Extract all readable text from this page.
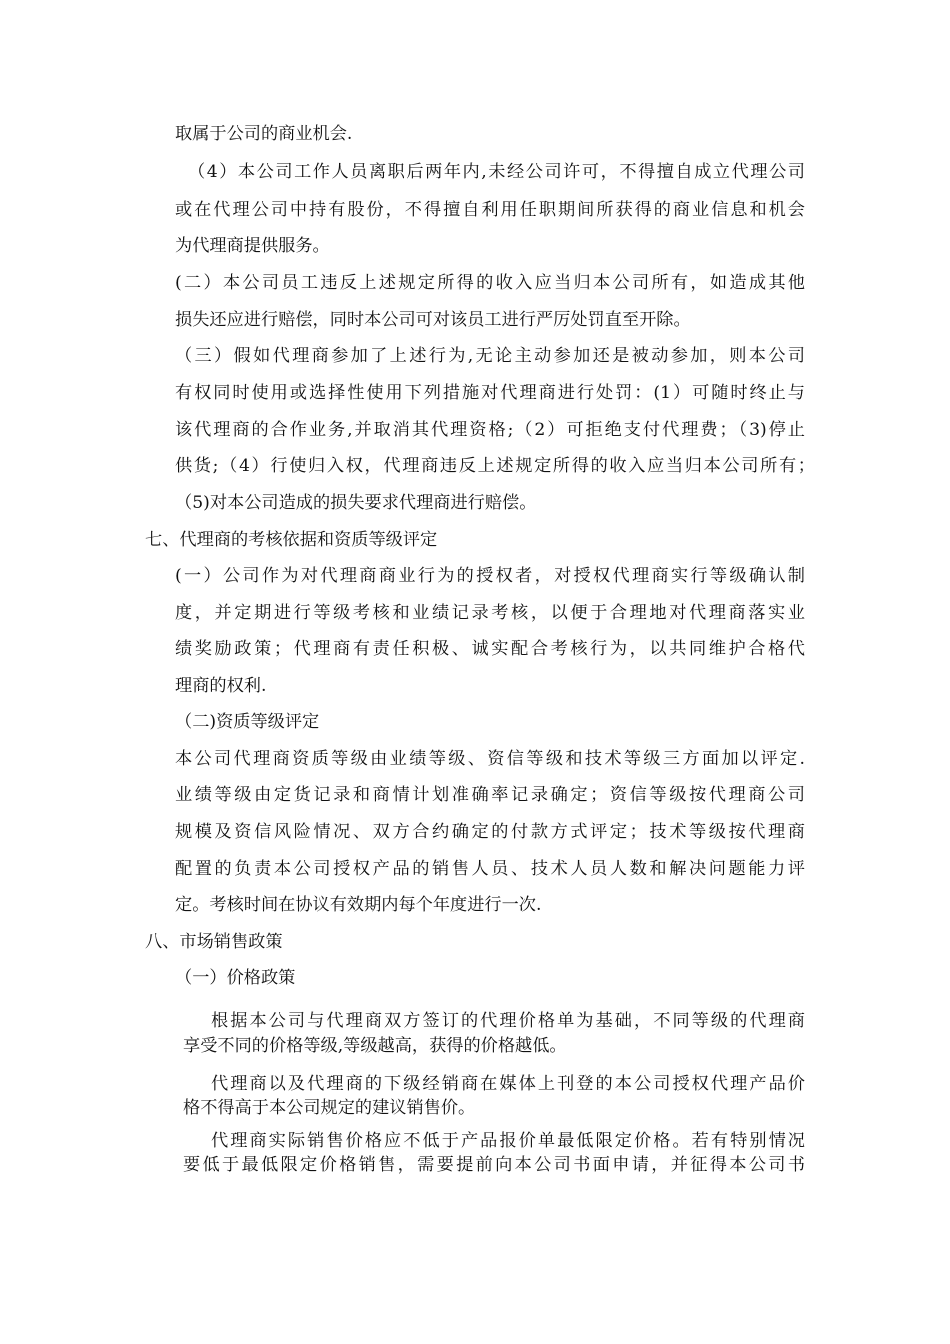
取属于公司的商业机会.
（4）本公司工作人员离职后两年内,未经公司许可，不得擅自成立代理公司
或在代理公司中持有股份，不得擅自利用任职期间所获得的商业信息和机会
为代理商提供服务。
(二）本公司员工违反上述规定所得的收入应当归本公司所有，如造成其他
损失还应进行赔偿，同时本公司可对该员工进行严厉处罚直至开除。
（三）假如代理商参加了上述行为,无论主动参加还是被动参加，则本公司
有权同时使用或选择性使用下列措施对代理商进行处罚：(1）可随时终止与
该代理商的合作业务,并取消其代理资格;（2）可拒绝支付代理费；（3)停止
供货;（4）行使归入权，代理商违反上述规定所得的收入应当归本公司所有；
（5)对本公司造成的损失要求代理商进行赔偿。
七、代理商的考核依据和资质等级评定
(一）公司作为对代理商商业行为的授权者，对授权代理商实行等级确认制
度，并定期进行等级考核和业绩记录考核，以便于合理地对代理商落实业
绩奖励政策；代理商有责任积极、诚实配合考核行为，以共同维护合格代
理商的权利.
（二)资质等级评定
本公司代理商资质等级由业绩等级、资信等级和技术等级三方面加以评定.
业绩等级由定货记录和商情计划准确率记录确定；资信等级按代理商公司
规模及资信风险情况、双方合约确定的付款方式评定；技术等级按代理商
配置的负责本公司授权产品的销售人员、技术人员人数和解决问题能力评
定。考核时间在协议有效期内每个年度进行一次.
八、市场销售政策
（一）价格政策
根据本公司与代理商双方签订的代理价格单为基础，不同等级的代理商
享受不同的价格等级,等级越高，获得的价格越低。
代理商以及代理商的下级经销商在媒体上刊登的本公司授权代理产品价
格不得高于本公司规定的建议销售价。
代理商实际销售价格应不低于产品报价单最低限定价格。若有特别情况
要低于最低限定价格销售，需要提前向本公司书面申请，并征得本公司书
